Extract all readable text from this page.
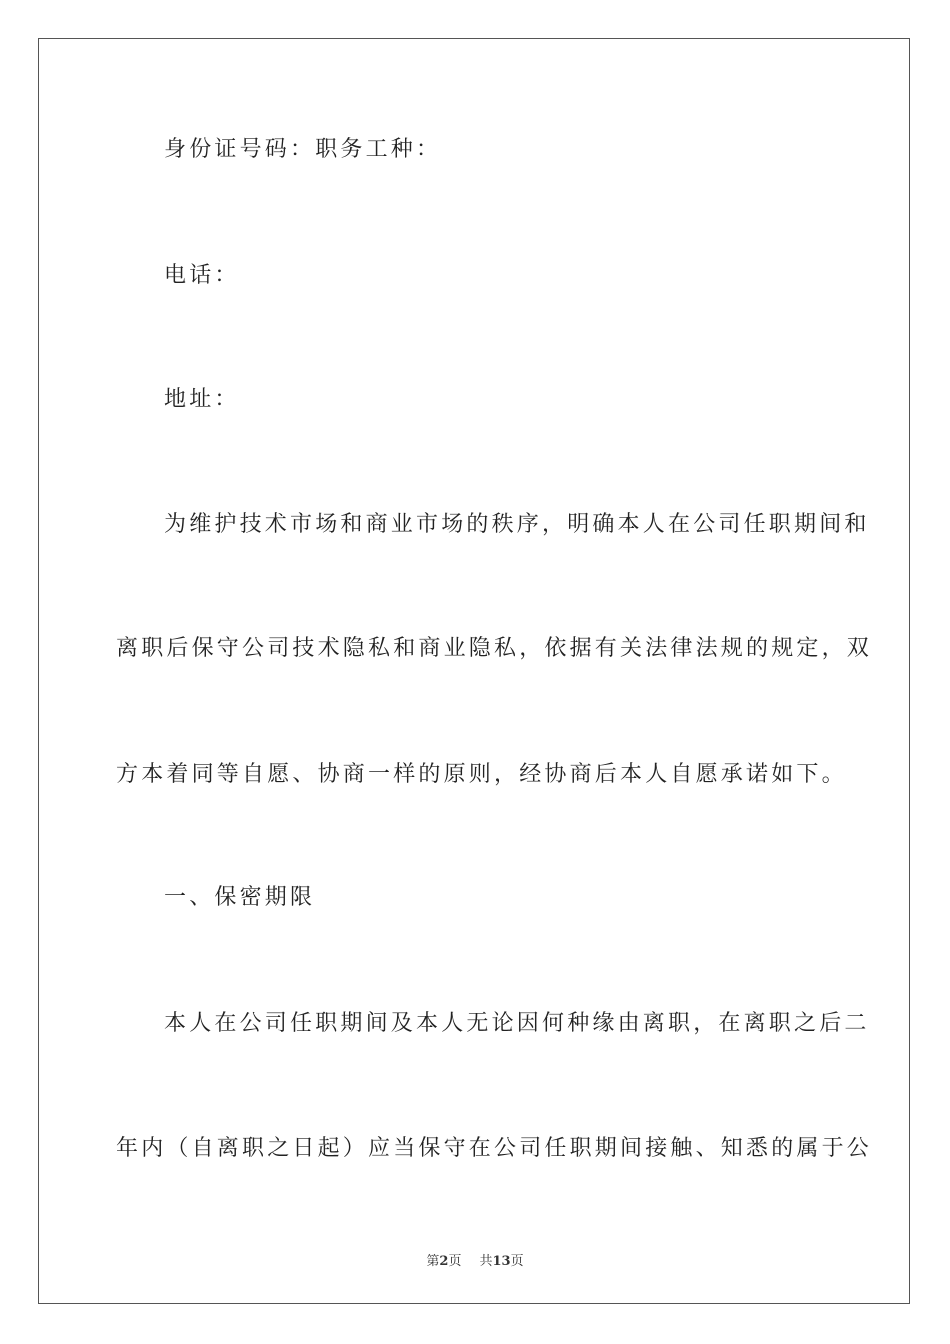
身份证号码：职务工种：
电话：
地址：
为维护技术市场和商业市场的秩序，明确本人在公司任职期间和
离职后保守公司技术隐私和商业隐私，依据有关法律法规的规定，双
方本着同等自愿、协商一样的原则，经协商后本人自愿承诺如下。
一、保密期限
本人在公司任职期间及本人无论因何种缘由离职，在离职之后二
年内（自离职之日起）应当保守在公司任职期间接触、知悉的属于公
第2页 共13页
